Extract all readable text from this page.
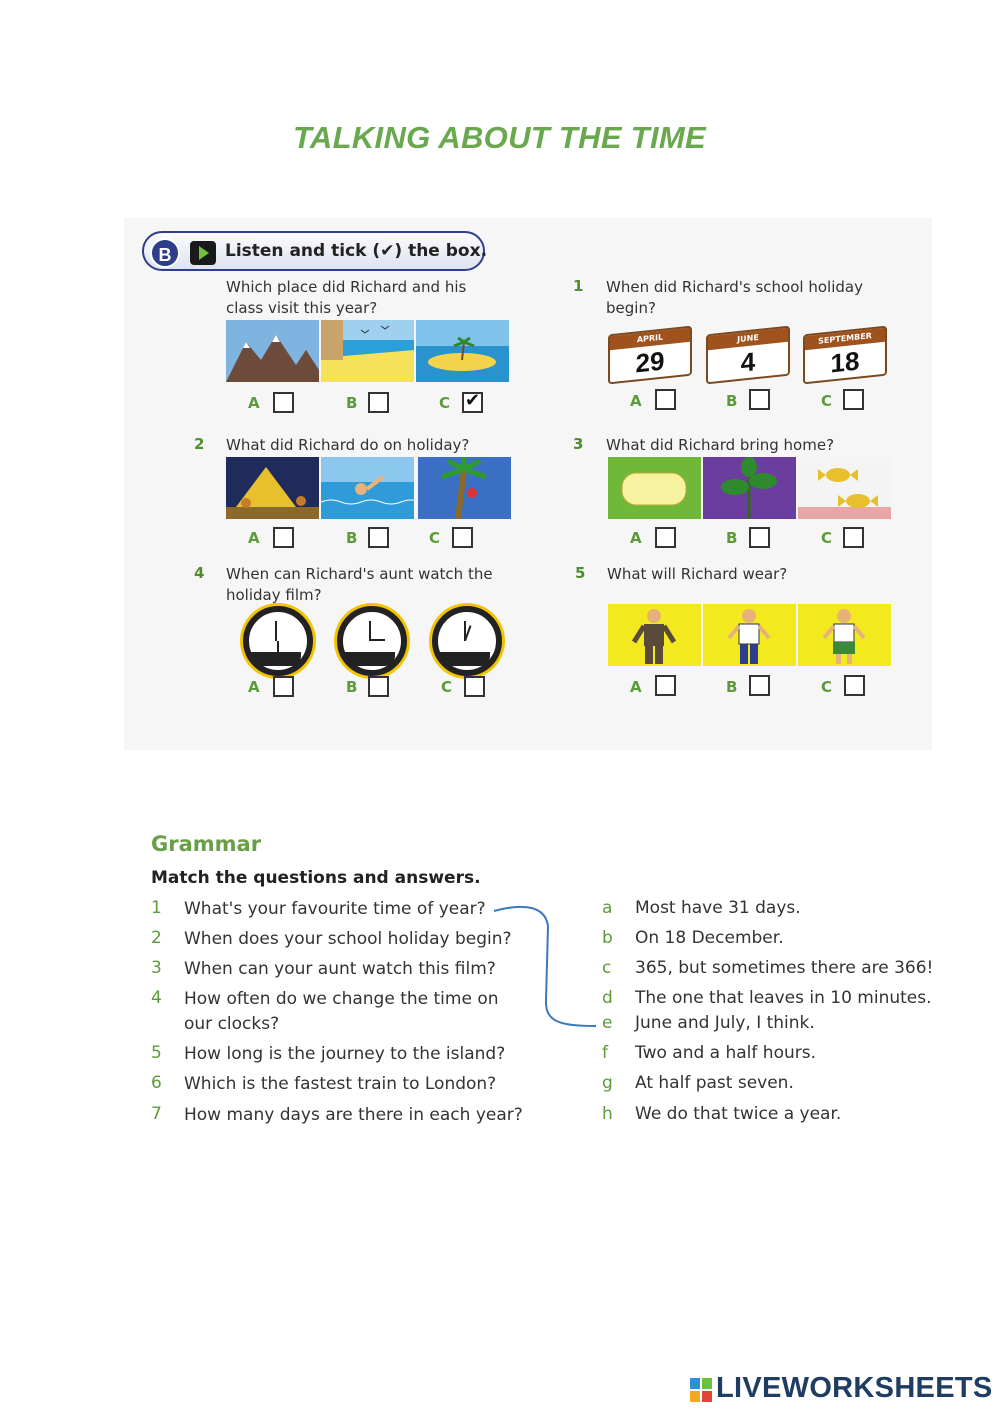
TALKING ABOUT THE TIME
B	Listen and tick (✔) the box.
Which place did Richard and his class visit this year?
A	B	C ✔
1 When did Richard's school holiday begin?
APRIL
29
JUNE
4
SEPTEMBER
18
A	B	C
2 What did Richard do on holiday?
A	B	C
3 What did Richard bring home?
A	B	C
4 When can Richard's aunt watch the holiday film?
A	B	C
5 What will Richard wear?
A	B	C
Grammar
Match the questions and answers.
1 What's your favourite time of year?
2 When does your school holiday begin?
3 When can your aunt watch this film?
4 How often do we change the time on our clocks?
5 How long is the journey to the island?
6 Which is the fastest train to London?
7 How many days are there in each year?
a Most have 31 days.
b On 18 December.
c 365, but sometimes there are 366!
d The one that leaves in 10 minutes.
e June and July, I think.
f Two and a half hours.
g At half past seven.
h We do that twice a year.
LIVEWORKSHEETS
